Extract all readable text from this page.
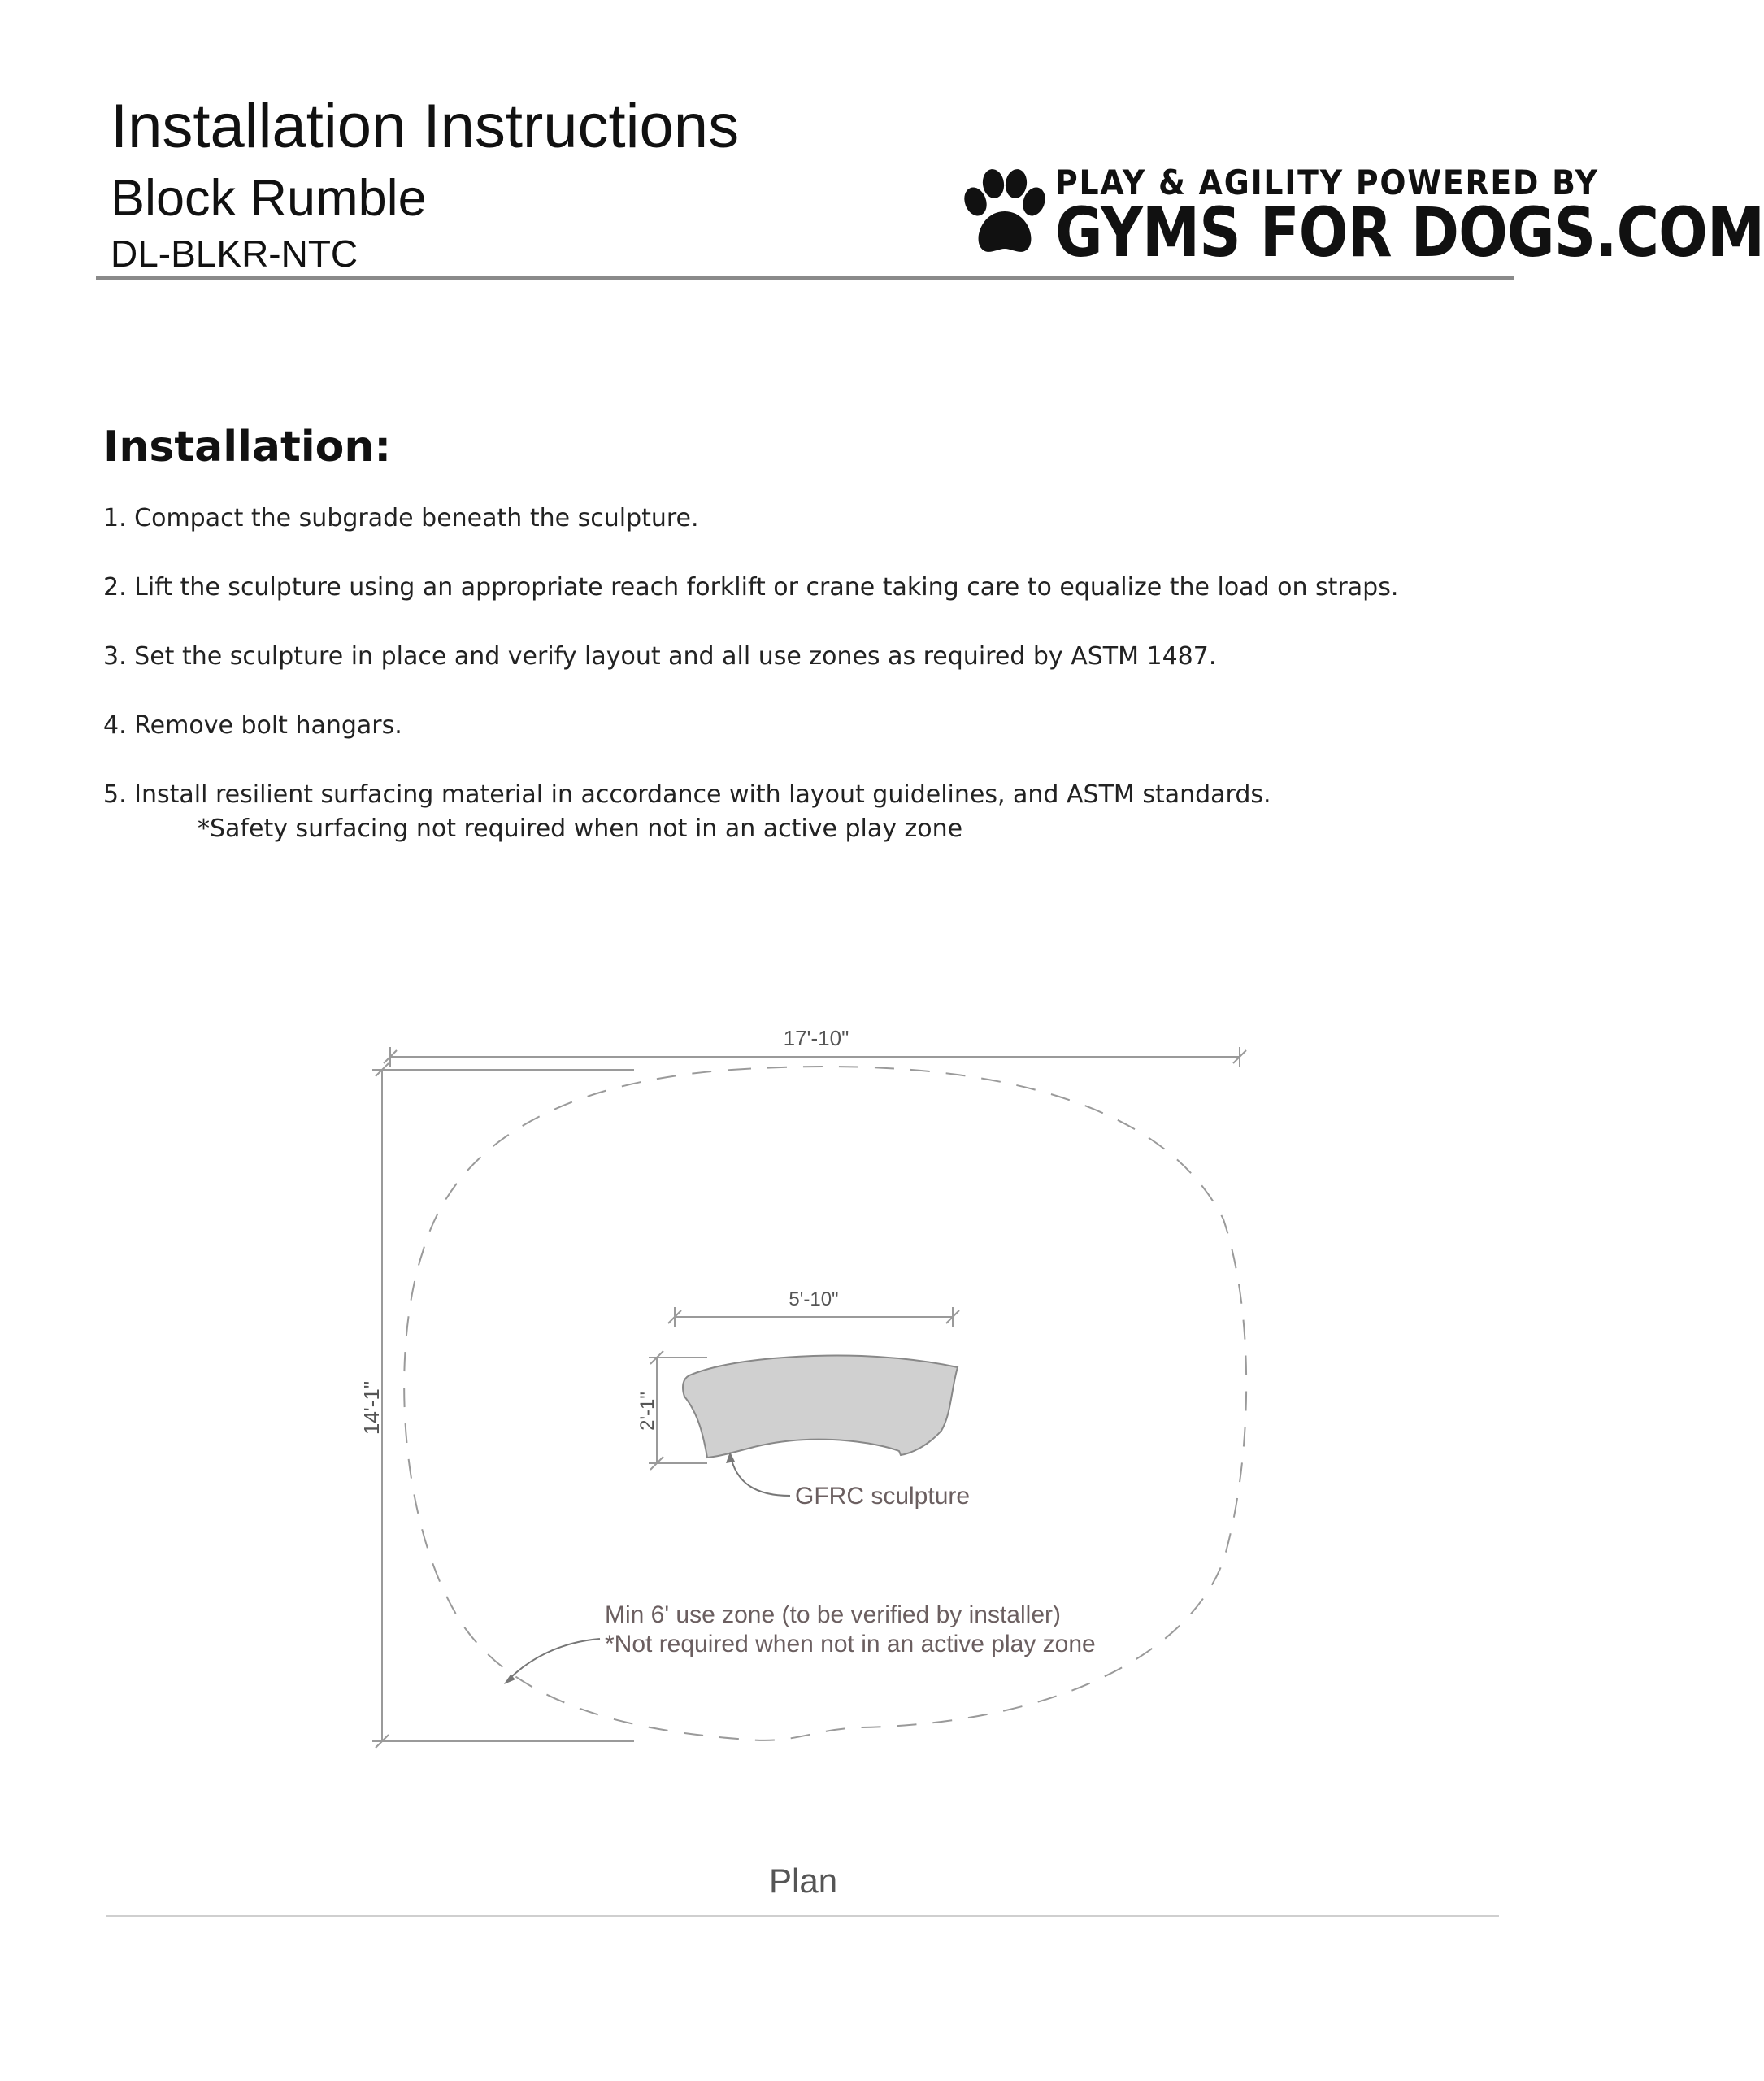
Installation Instructions
Block Rumble
DL-BLKR-NTC
PLAY & AGILITY POWERED BY
GYMS FOR DOGS.COM
Installation:
1. Compact the subgrade beneath the sculpture.
2. Lift the sculpture using an appropriate reach forklift or crane taking care to equalize the load on straps.
3. Set the sculpture in place and verify layout and all use zones as required by ASTM 1487.
4. Remove bolt hangars.
5. Install resilient surfacing material in accordance with layout guidelines, and ASTM standards.
*Safety surfacing not required when not in an active play zone
17'-10"
14'-1"
5'-10"
2'-1"
GFRC sculpture
Min 6' use zone (to be verified by installer)
*Not required when not in an active play zone
Plan
